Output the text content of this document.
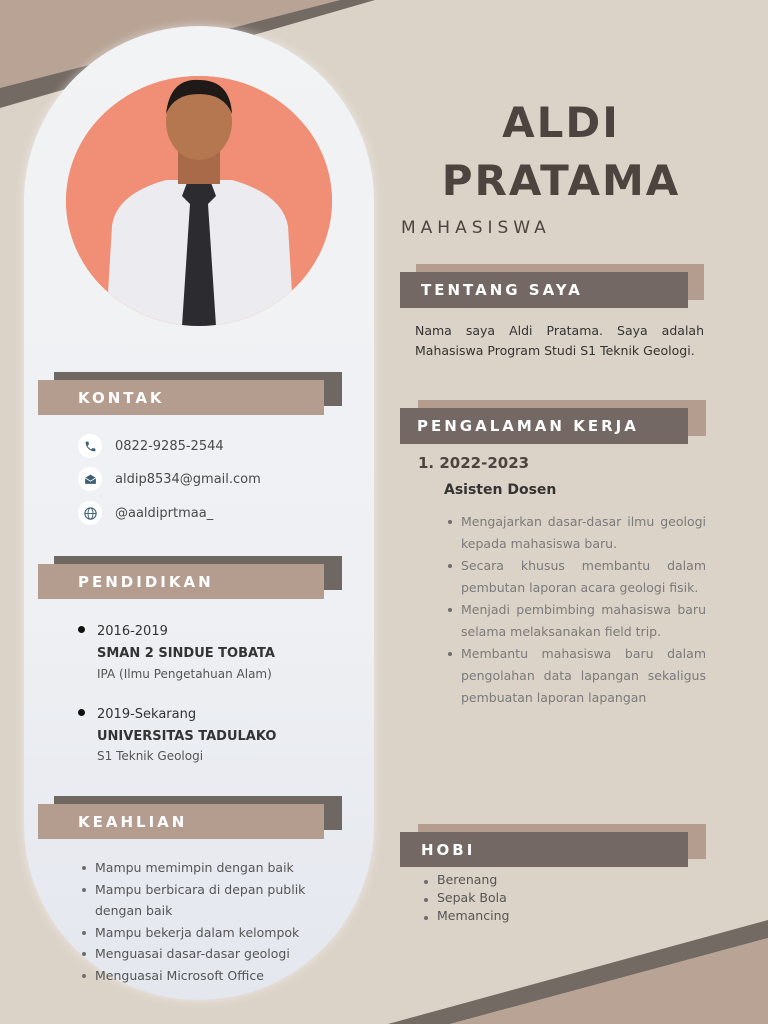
ALDI
PRATAMA
MAHASISWA
KONTAK
0822-9285-2544
aldip8534@gmail.com
@aaldiprtmaa_
PENDIDIKAN
2016-2019
SMAN 2 SINDUE TOBATA
IPA (Ilmu Pengetahuan Alam)
2019-Sekarang
UNIVERSITAS TADULAKO
S1 Teknik Geologi
KEAHLIAN
Mampu memimpin dengan baik
Mampu berbicara di depan publik dengan baik
Mampu bekerja dalam kelompok
Menguasai dasar-dasar geologi
Menguasai Microsoft Office
TENTANG SAYA
Nama saya Aldi Pratama. Saya adalah Mahasiswa Program Studi S1 Teknik Geologi.
PENGALAMAN KERJA
1. 2022-2023
Asisten Dosen
Mengajarkan dasar-dasar ilmu geologi kepada mahasiswa baru.
Secara khusus membantu dalam pembutan laporan acara geologi fisik.
Menjadi pembimbing mahasiswa baru selama melaksanakan field trip.
Membantu mahasiswa baru dalam pengolahan data lapangan sekaligus pembuatan laporan lapangan
HOBI
Berenang
Sepak Bola
Memancing
